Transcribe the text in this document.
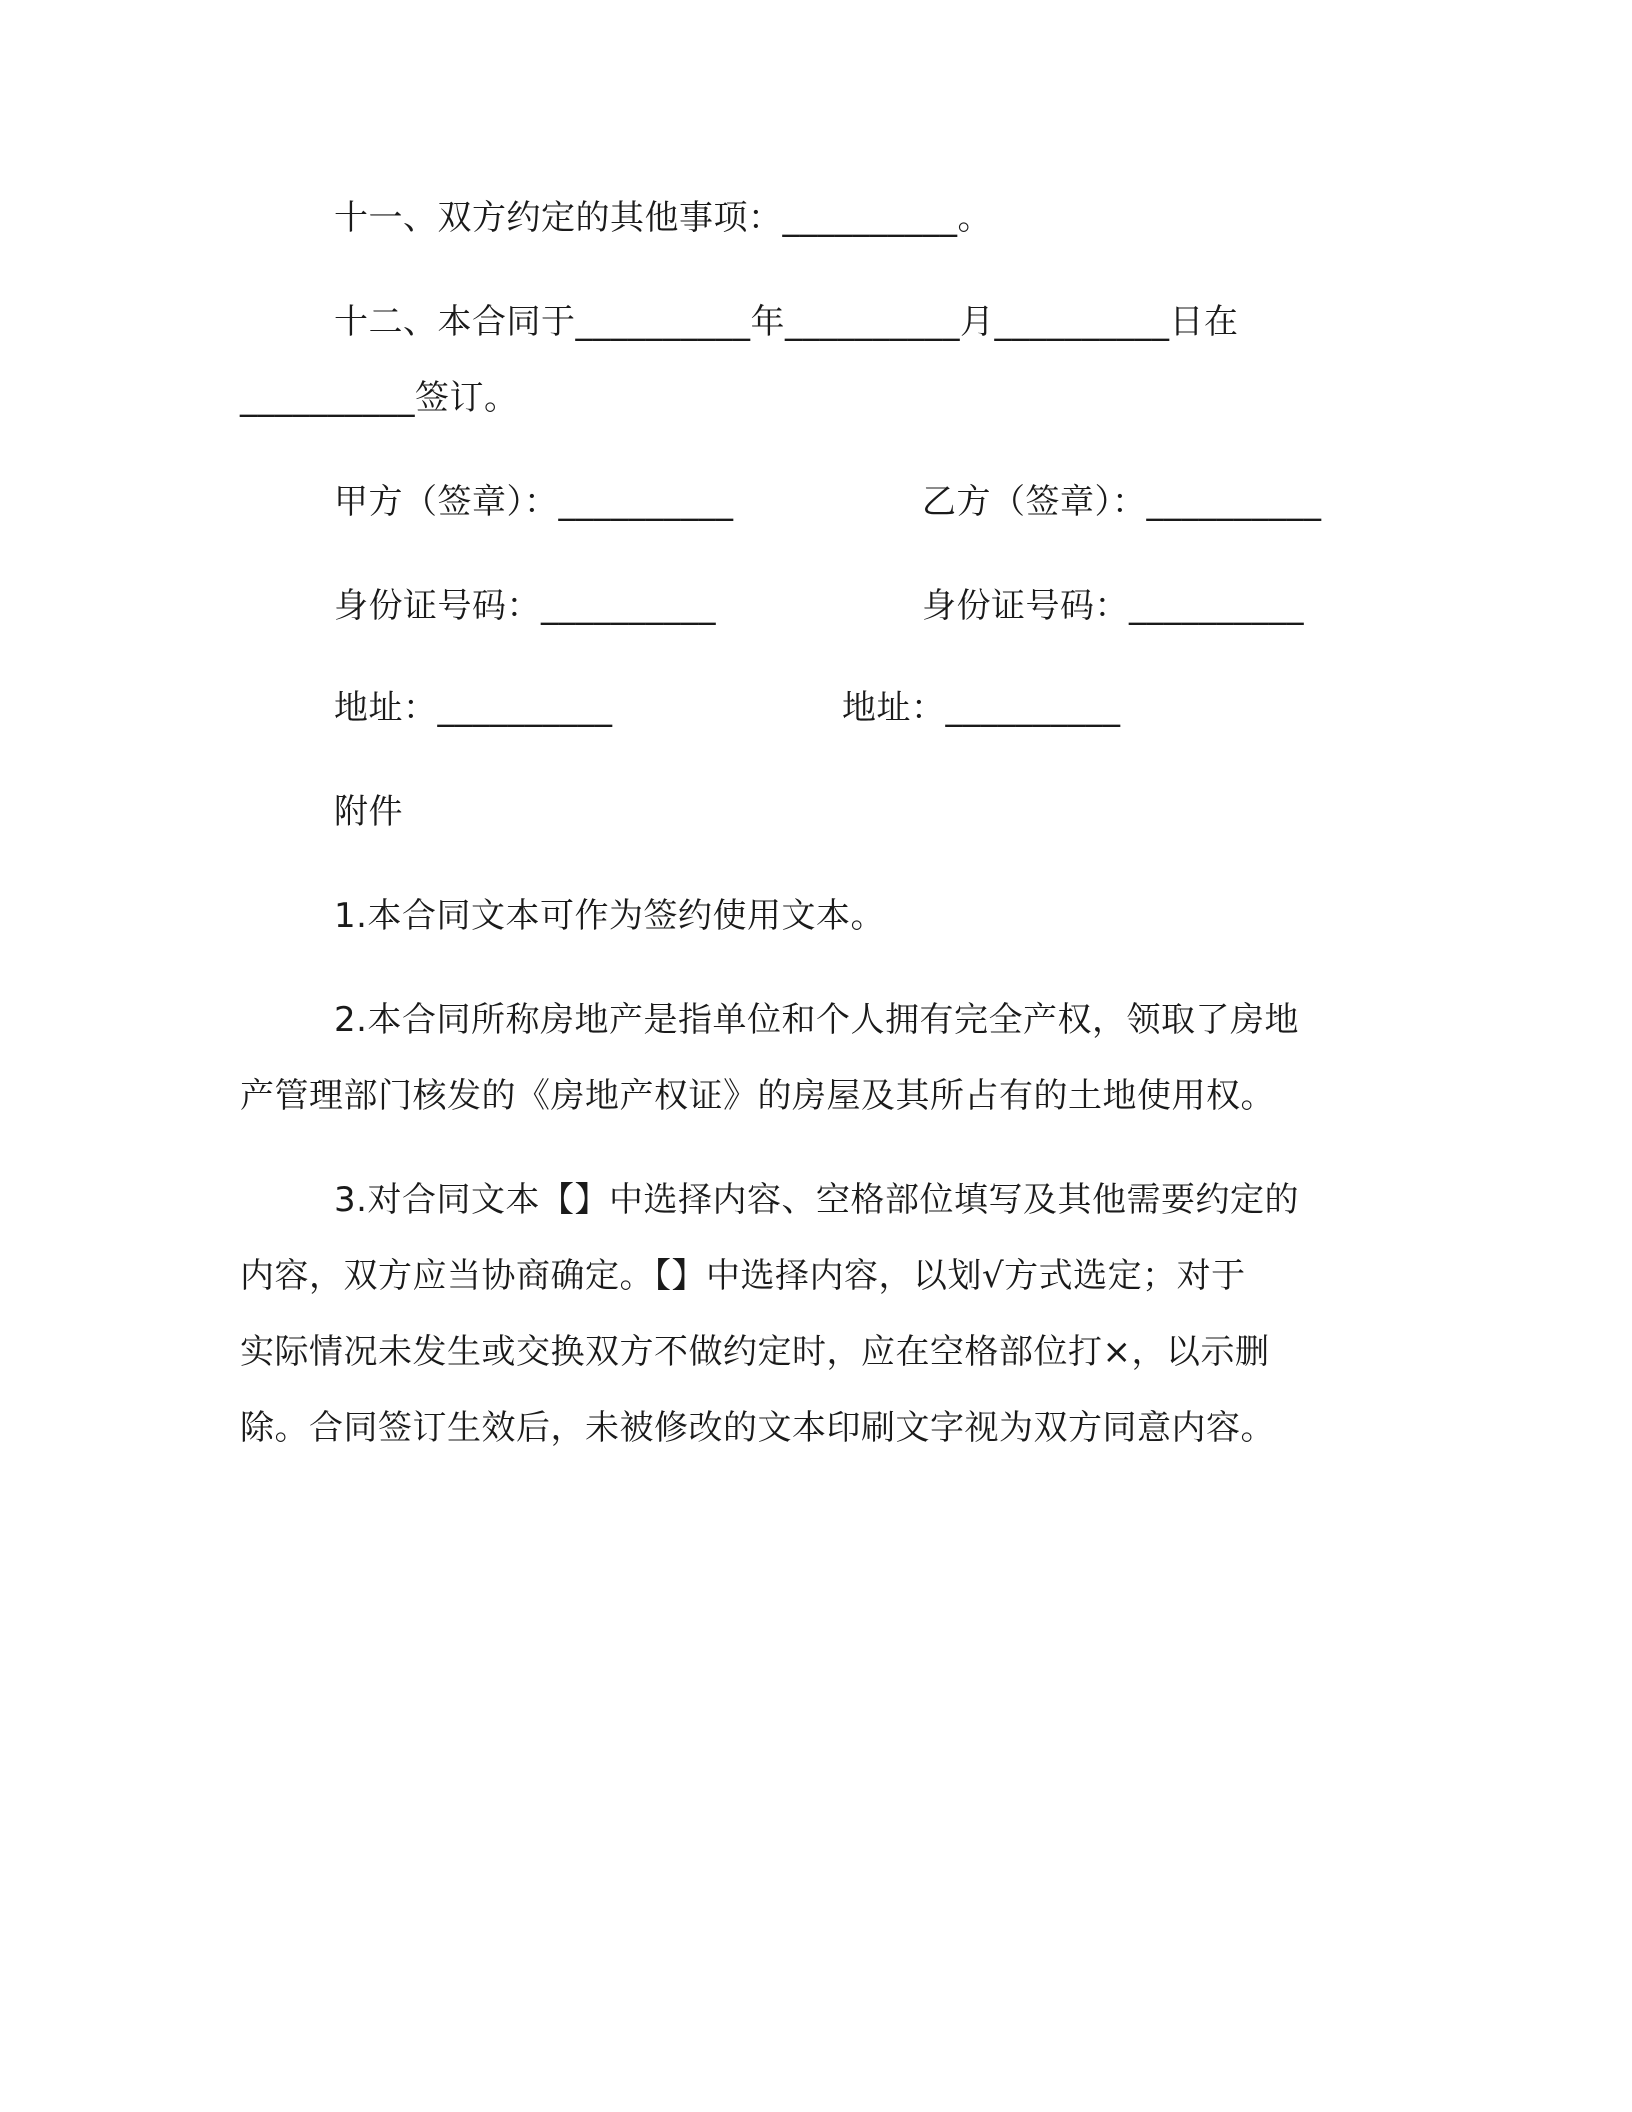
十一、双方约定的其他事项：__________。
十二、本合同于__________年__________月__________日在
__________签订。
甲方（签章）：__________	乙方（签章）：__________
身份证号码：__________	身份证号码：__________
地址：__________	地址：__________
附件
1.本合同文本可作为签约使用文本。
2.本合同所称房地产是指单位和个人拥有完全产权，领取了房地
产管理部门核发的《房地产权证》的房屋及其所占有的土地使用权。
3.对合同文本【】中选择内容、空格部位填写及其他需要约定的
内容，双方应当协商确定。【】中选择内容，以划√方式选定；对于
实际情况未发生或交换双方不做约定时，应在空格部位打×，以示删
除。合同签订生效后，未被修改的文本印刷文字视为双方同意内容。
